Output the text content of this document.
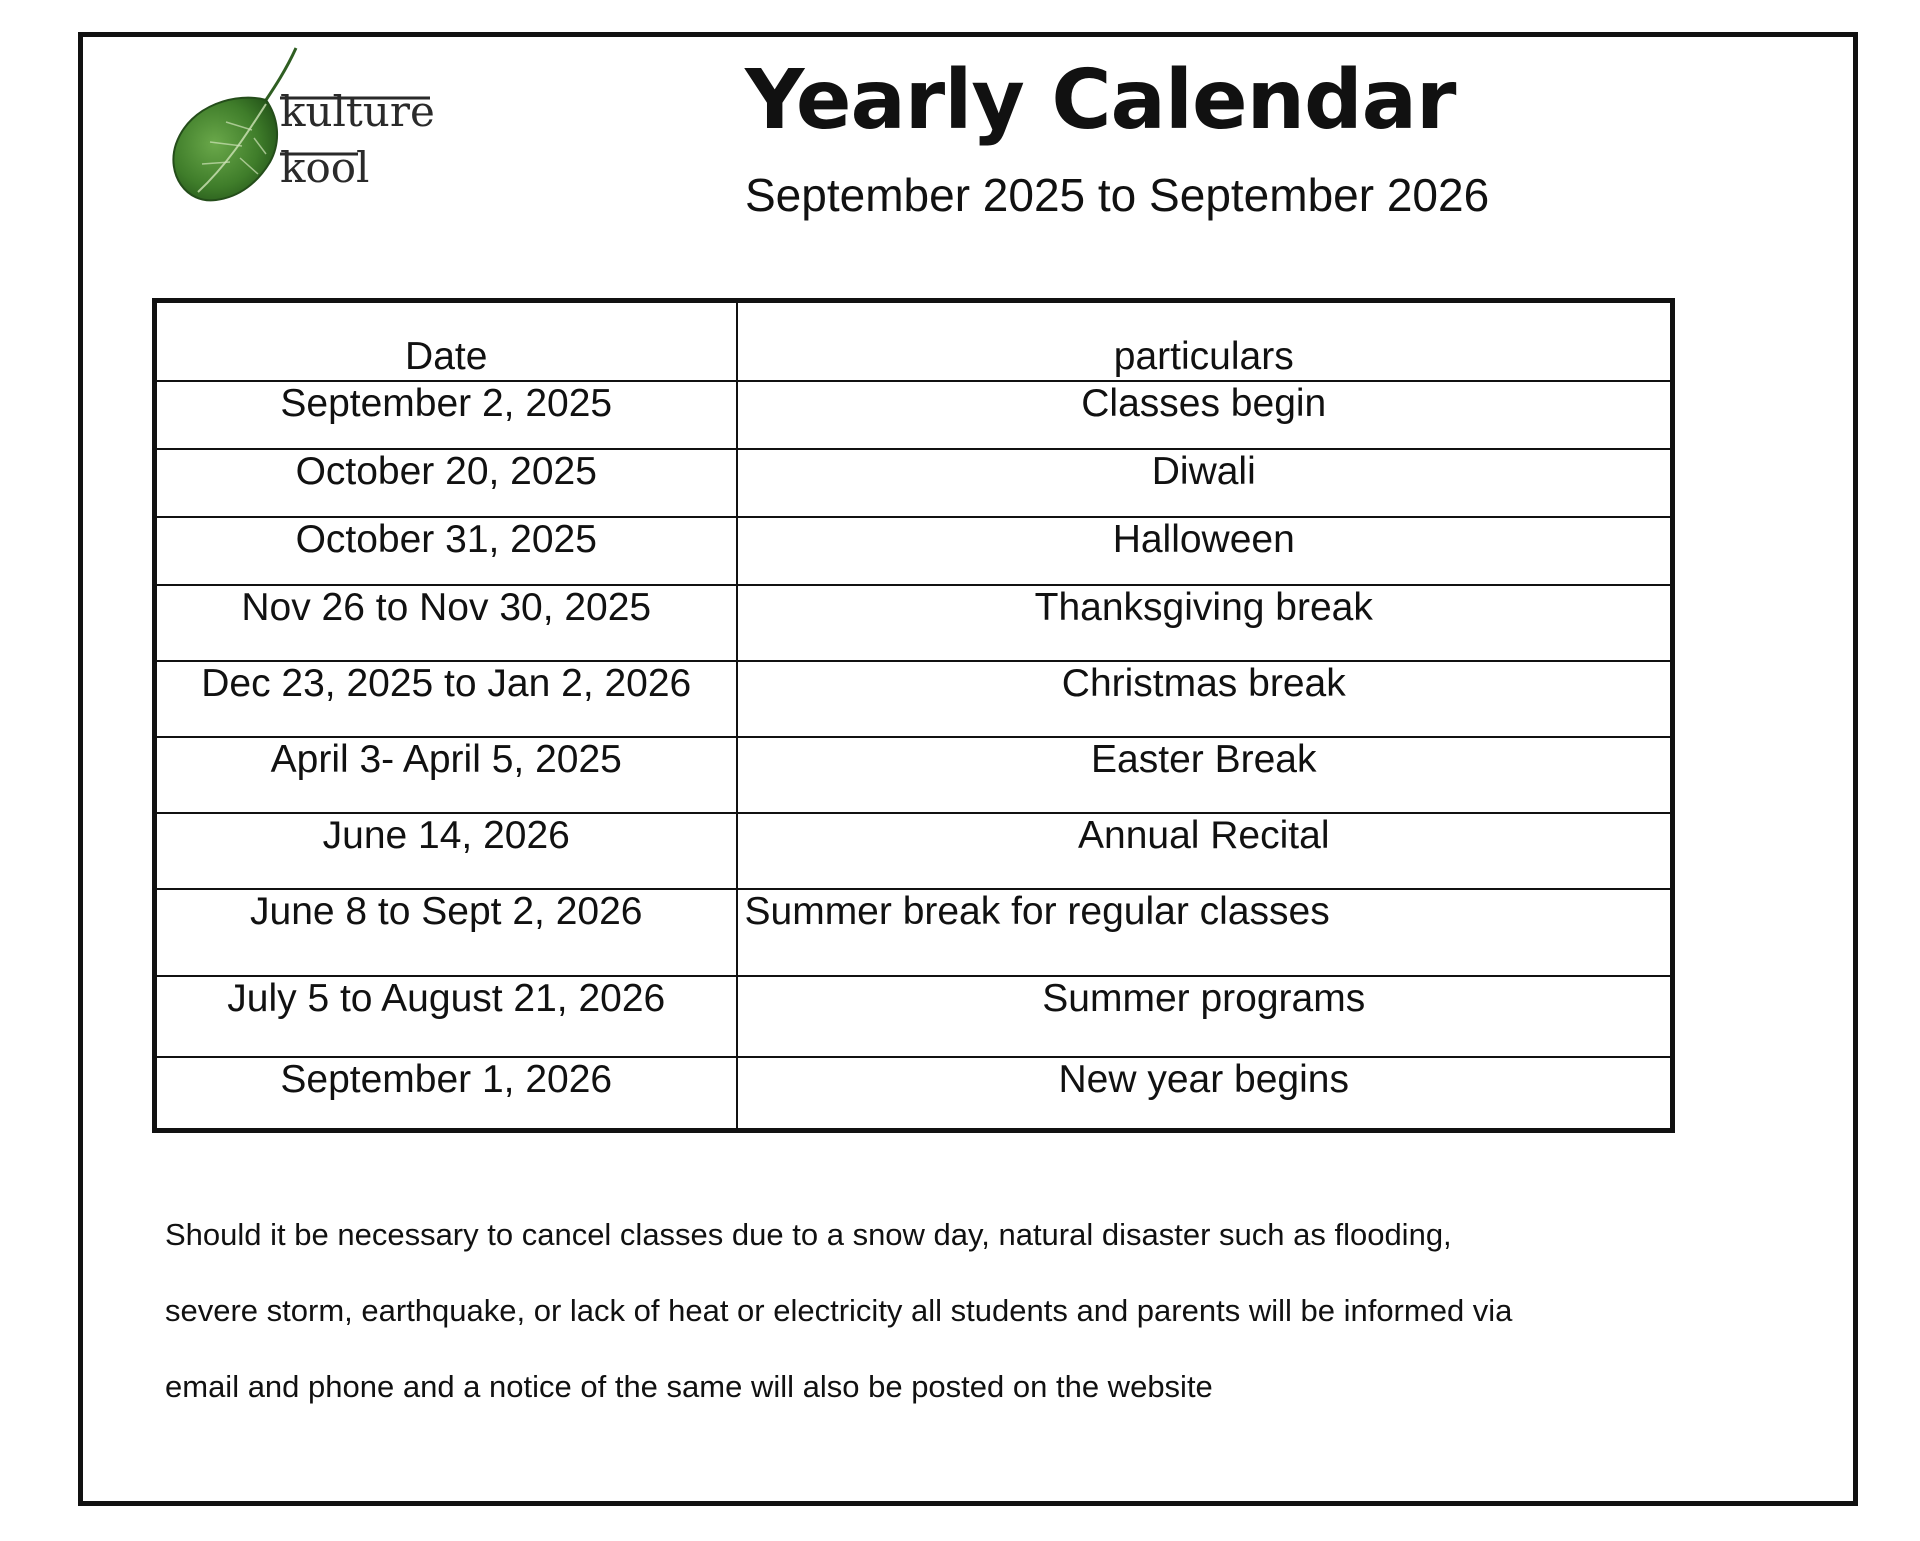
kulture
kool
Yearly Calendar

September 2025 to September 2026

Date	particulars
September 2, 2025	Classes begin
October 20, 2025	Diwali
October 31, 2025	Halloween
Nov 26 to Nov 30, 2025	Thanksgiving break
Dec 23, 2025 to Jan 2, 2026	Christmas break
April 3- April 5, 2025	Easter Break
June 14, 2026	Annual Recital
June 8 to Sept 2, 2026	Summer break for regular classes
July 5 to August 21, 2026	Summer programs
September 1, 2026	New year begins

Should it be necessary to cancel classes due to a snow day, natural disaster such as flooding,
severe storm, earthquake, or lack of heat or electricity all students and parents will be informed via
email and phone and a notice of the same will also be posted on the website
